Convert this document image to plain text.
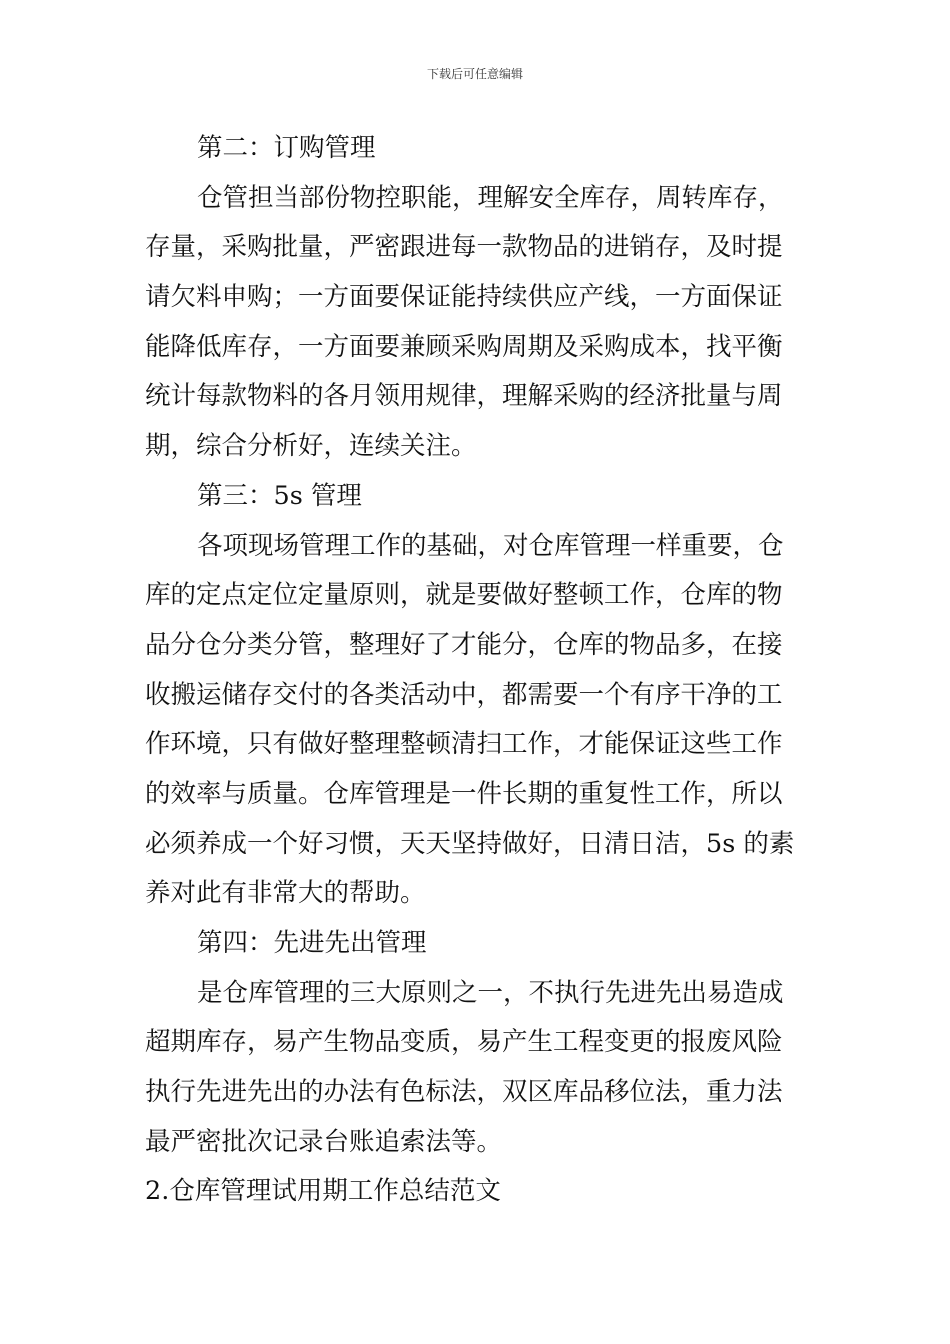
下载后可任意编辑
第二：订购管理
仓管担当部份物控职能，理解安全库存，周转库存，
存量，采购批量，严密跟进每一款物品的进销存，及时提
请欠料申购；一方面要保证能持续供应产线，一方面保证
能降低库存，一方面要兼顾采购周期及采购成本，找平衡
统计每款物料的各月领用规律，理解采购的经济批量与周
期，综合分析好，连续关注。
第三：5s 管理
各项现场管理工作的基础，对仓库管理一样重要，仓
库的定点定位定量原则，就是要做好整顿工作，仓库的物
品分仓分类分管，整理好了才能分，仓库的物品多，在接
收搬运储存交付的各类活动中，都需要一个有序干净的工
作环境，只有做好整理整顿清扫工作，才能保证这些工作
的效率与质量。仓库管理是一件长期的重复性工作，所以
必须养成一个好习惯，天天坚持做好，日清日洁，5s 的素
养对此有非常大的帮助。
第四：先进先出管理
是仓库管理的三大原则之一，不执行先进先出易造成
超期库存，易产生物品变质，易产生工程变更的报废风险
执行先进先出的办法有色标法，双区库品移位法，重力法
最严密批次记录台账追索法等。
2.仓库管理试用期工作总结范文
